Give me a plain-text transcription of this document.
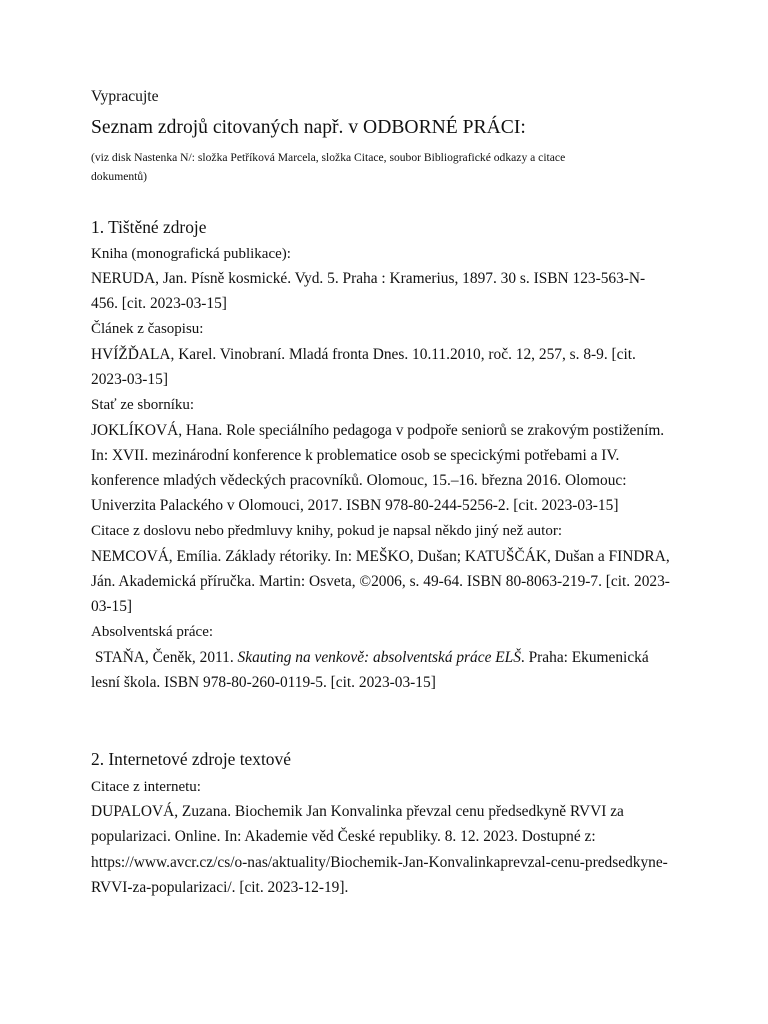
Vypracujte
Seznam zdrojů citovaných např. v ODBORNÉ PRÁCI:
(viz disk Nastenka N/: složka Petříková Marcela, složka Citace, soubor Bibliografické odkazy a citace
dokumentů)
1. Tištěné zdroje
Kniha (monografická publikace):
NERUDA, Jan. Písně kosmické. Vyd. 5. Praha : Kramerius, 1897. 30 s. ISBN 123-563-N-
456. [cit. 2023-03-15]
Článek z časopisu:
HVÍŽĎALA, Karel. Vinobraní. Mladá fronta Dnes. 10.11.2010, roč. 12, 257, s. 8-9. [cit.
2023-03-15]
Stať ze sborníku:
JOKLÍKOVÁ, Hana. Role speciálního pedagoga v podpoře seniorů se zrakovým postižením.
In: XVII. mezinárodní konference k problematice osob se specickými potřebami a IV.
konference mladých vědeckých pracovníků. Olomouc, 15.–16. března 2016. Olomouc:
Univerzita Palackého v Olomouci, 2017. ISBN 978-80-244-5256-2. [cit. 2023-03-15]
Citace z doslovu nebo předmluvy knihy, pokud je napsal někdo jiný než autor:
NEMCOVÁ, Emília. Základy rétoriky. In: MEŠKO, Dušan; KATUŠČÁK, Dušan a FINDRA,
Ján. Akademická příručka. Martin: Osveta, ©2006, s. 49-64. ISBN 80-8063-219-7. [cit. 2023-
03-15]
Absolventská práce:
STAŇA, Čeněk, 2011. Skauting na venkově: absolventská práce ELŠ. Praha: Ekumenická
lesní škola. ISBN 978-80-260-0119-5. [cit. 2023-03-15]
2. Internetové zdroje textové
Citace z internetu:
DUPALOVÁ, Zuzana. Biochemik Jan Konvalinka převzal cenu předsedkyně RVVI za
popularizaci. Online. In: Akademie věd České republiky. 8. 12. 2023. Dostupné z:
https://www.avcr.cz/cs/o-nas/aktuality/Biochemik-Jan-Konvalinkaprevzal-cenu-predsedkyne-
RVVI-za-popularizaci/. [cit. 2023-12-19].
